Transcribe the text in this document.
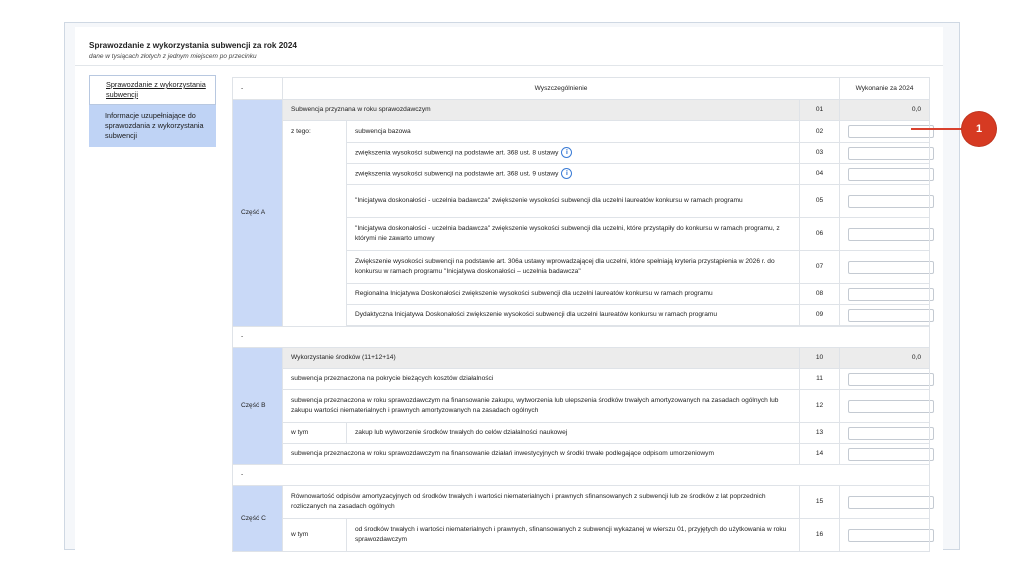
Sprawozdanie z wykorzystania subwencji za rok 2024
dane w tysiącach złotych z jednym miejscem po przecinku
Sprawozdanie z wykorzystania subwencji
Informacje uzupełniające do sprawozdania z wykorzystania subwencji
-	Wyszczególnienie			Wykonanie za 2024
Część A	Subwencja przyznana w roku sprawozdawczym		01	0,0
	z tego:	subwencja bazowa	02	

		zwiększenia wysokości subwencji na podstawie art. 368 ust. 8 ustawy i	03	

		zwiększenia wysokości subwencji na podstawie art. 368 ust. 9 ustawy i	04	

		"Inicjatywa doskonałości - uczelnia badawcza" zwiększenie wysokości subwencji dla uczelni laureatów konkursu w ramach programu	05	

		"Inicjatywa doskonałości - uczelnia badawcza" zwiększenie wysokości subwencji dla uczelni, które przystąpiły do konkursu w ramach programu, z którymi nie zawarto umowy	06	

		Zwiększenie wysokości subwencji na podstawie art. 306a ustawy wprowadzającej dla uczelni, które spełniają kryteria przystąpienia w 2026 r. do konkursu w ramach programu "Inicjatywa doskonałości – uczelnia badawcza"	07	

		Regionalna Inicjatywa Doskonałości zwiększenie wysokości subwencji dla uczelni laureatów konkursu w ramach programu	08	

		Dydaktyczna Inicjatywa Doskonałości zwiększenie wysokości subwencji dla uczelni laureatów konkursu w ramach programu	09	

-				
Część B	Wykorzystanie środków (11+12+14)		10	0,0
	subwencja przeznaczona na pokrycie bieżących kosztów działalności		11	

	subwencja przeznaczona w roku sprawozdawczym na finansowanie zakupu, wytworzenia lub ulepszenia środków trwałych amortyzowanych na zasadach ogólnych lub zakupu wartości niematerialnych i prawnych amortyzowanych na zasadach ogólnych		12	

	w tym	zakup lub wytworzenie środków trwałych do celów działalności naukowej	13	

	subwencja przeznaczona w roku sprawozdawczym na finansowanie działań inwestycyjnych w środki trwałe podlegające odpisom umorzeniowym		14	

-				
Część C	Równowartość odpisów amortyzacyjnych od środków trwałych i wartości niematerialnych i prawnych sfinansowanych z subwencji lub ze środków z lat poprzednich rozliczanych na zasadach ogólnych		15	

	w tym	od środków trwałych i wartości niematerialnych i prawnych, sfinansowanych z subwencji wykazanej w wierszu 01, przyjętych do użytkowania w roku sprawozdawczym	16	
1
